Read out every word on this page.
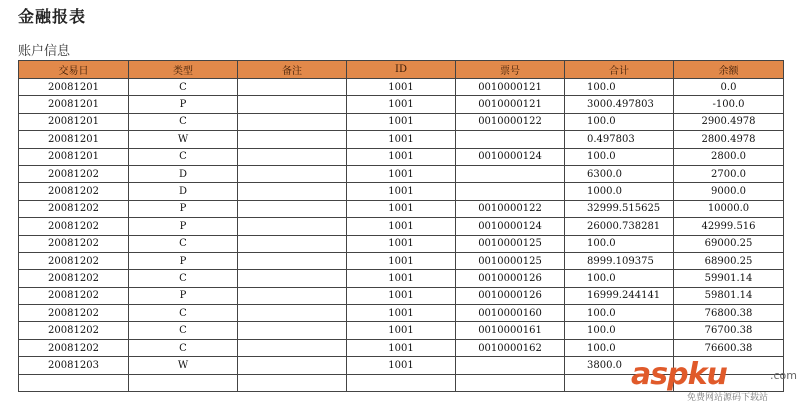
金融报表
账户信息
交易日	类型	备注	ID	票号	合计	余额
20081201	C		1001	0010000121	100.0	0.0
20081201	P		1001	0010000121	3000.497803	-100.0
20081201	C		1001	0010000122	100.0	2900.4978
20081201	W		1001		0.497803	2800.4978
20081201	C		1001	0010000124	100.0	2800.0
20081202	D		1001		6300.0	2700.0
20081202	D		1001		1000.0	9000.0
20081202	P		1001	0010000122	32999.515625	10000.0
20081202	P		1001	0010000124	26000.738281	42999.516
20081202	C		1001	0010000125	100.0	69000.25
20081202	P		1001	0010000125	8999.109375	68900.25
20081202	C		1001	0010000126	100.0	59901.14
20081202	P		1001	0010000126	16999.244141	59801.14
20081202	C		1001	0010000160	100.0	76800.38
20081202	C		1001	0010000161	100.0	76700.38
20081202	C		1001	0010000162	100.0	76600.38
20081203	W		1001		3800.0	
						aspku	.com
免费网站源码下载站
